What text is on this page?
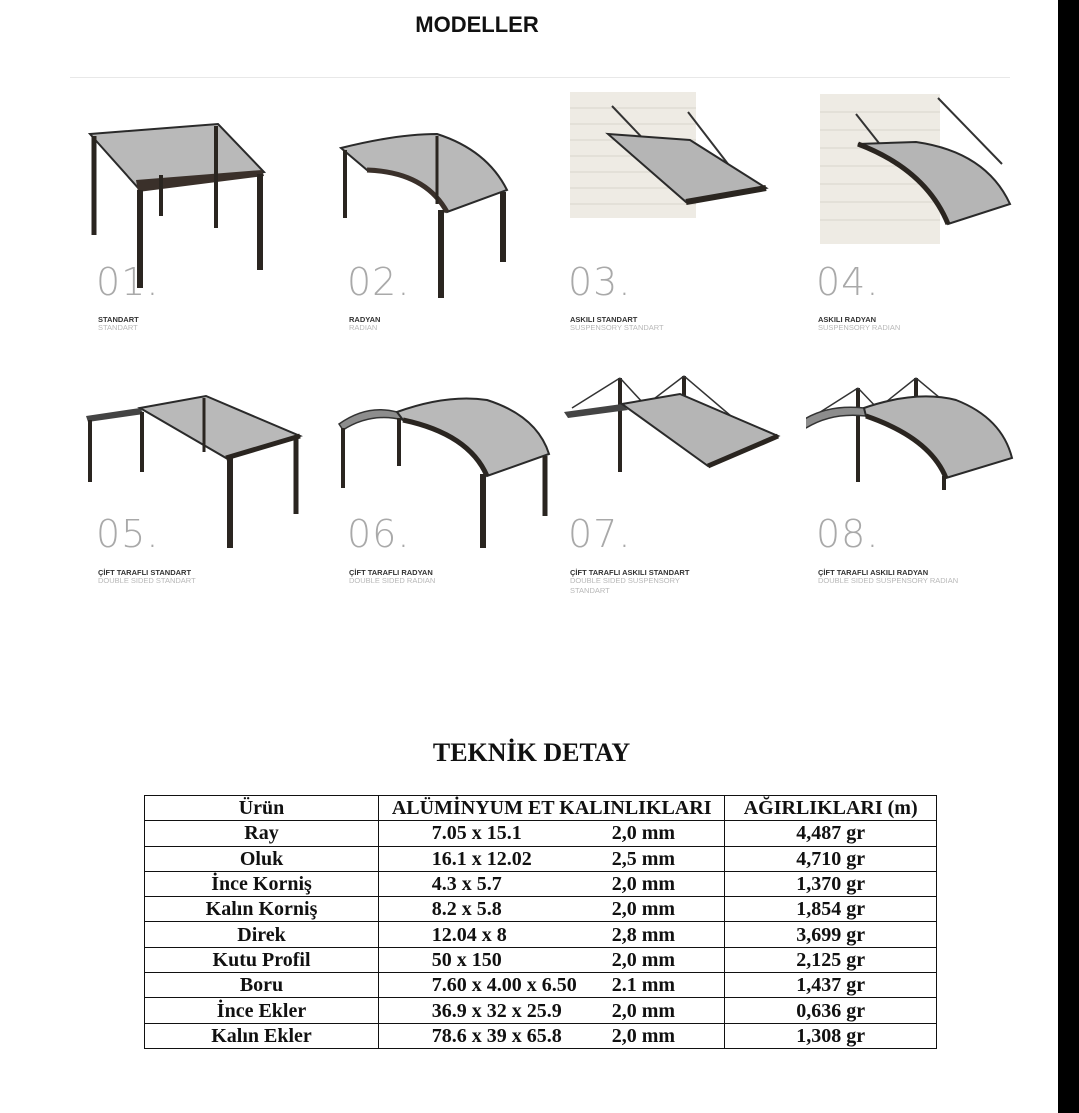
MODELLER
01.
STANDART
STANDART
02.
RADYAN
RADIAN
03.
ASKILI STANDART
SUSPENSORY STANDART
04.
ASKILI RADYAN
SUSPENSORY RADIAN
05.
ÇİFT TARAFLI STANDART
DOUBLE SIDED STANDART
06.
ÇİFT TARAFLI RADYAN
DOUBLE SIDED RADIAN
07.
ÇİFT TARAFLI ASKILI STANDART
DOUBLE SIDED SUSPENSORY STANDART
08.
ÇİFT TARAFLI ASKILI RADYAN
DOUBLE SIDED SUSPENSORY RADIAN
TEKNİK DETAY
Ürün	ALÜMİNYUM ET KALINLIKLARI	AĞIRLIKLARI (m)
Ray	7.05 x 15.1 2,0 mm	4,487 gr
Oluk	16.1 x 12.02 2,5 mm	4,710 gr
İnce Korniş	4.3 x 5.7 2,0 mm	1,370 gr
Kalın Korniş	8.2 x 5.8 2,0 mm	1,854 gr
Direk	12.04 x 8 2,8 mm	3,699 gr
Kutu Profil	50 x 150 2,0 mm	2,125 gr
Boru	7.60 x 4.00 x 6.50 2.1 mm	1,437 gr
İnce Ekler	36.9 x 32 x 25.9 2,0 mm	0,636 gr
Kalın Ekler	78.6 x 39 x 65.8 2,0 mm	1,308 gr
